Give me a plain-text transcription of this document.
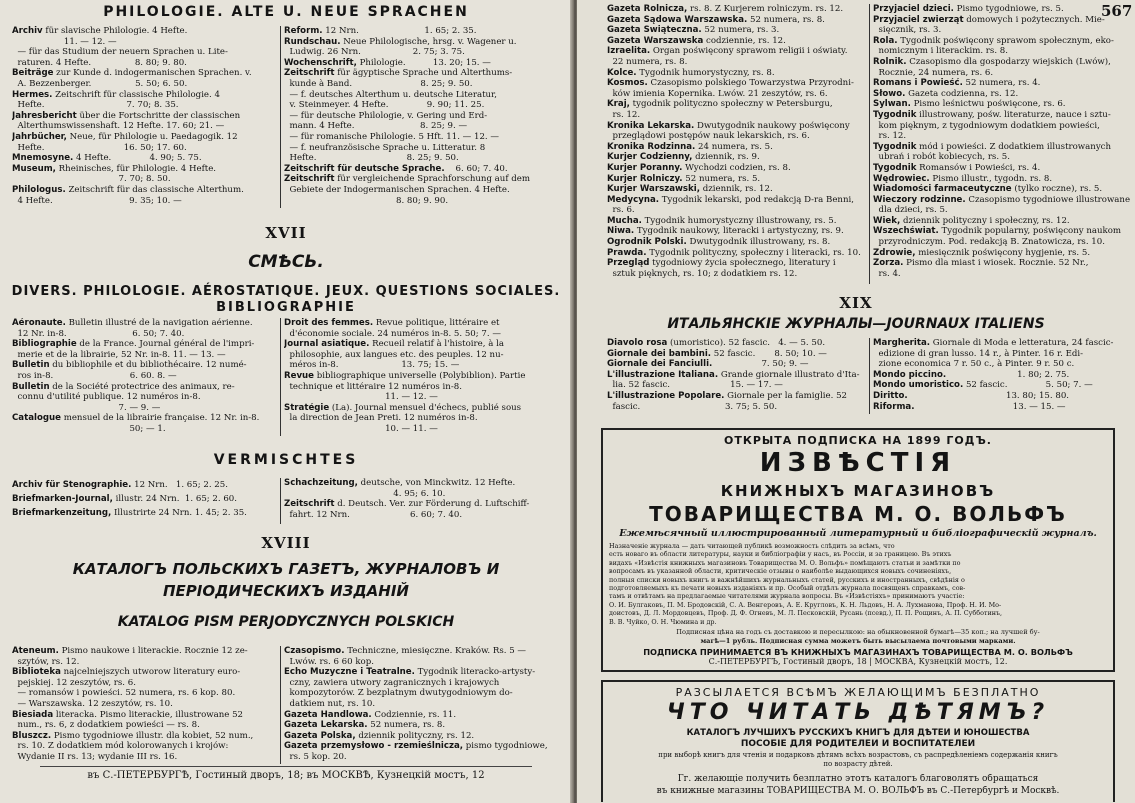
PHILOLOGIE. ALTE U. NEUE SPRACHEN
Archiv für slavische Philologie. 4 Hefte.
11. — 12. —
— für das Studium der neuern Sprachen u. Lite-
raturen. 4 Hefte.                8. 80; 9. 80.
Beiträge zur Kunde d. indogermanischen Sprachen. v.
A. Bezzenberger.                5. 50; 6. 50.
Hermes. Zeitschrift für classische Philologie. 4
Hefte.                              7. 70; 8. 35.
Jahresbericht über die Fortschritte der classischen
Alterthumswissenshaft. 12 Hefte. 17. 60; 21. —
Jahrbücher, Neue, für Philologie u. Paedagogik. 12
Hefte.                             16. 50; 17. 60.
Mnemosyne. 4 Hefte.              4. 90; 5. 75.
Museum, Rheinisches, für Philologie. 4 Hefte.
7. 70; 8. 50.
Philologus. Zeitschrift für das classische Alterthum.
4 Hefte.                            9. 35; 10. —
Reform. 12 Nrn.                        1. 65; 2. 35.
Rundschau. Neue Philologische, hrsg. v. Wagener u.
Ludwig. 26 Nrn.                   2. 75; 3. 75.
Wochenschrift, Philologie.          13. 20; 15. —
Zeitschrift für ägyptische Sprache und Alterthums-
kunde à Band.                         8. 25; 9. 50.
— f. deutsches Alterthum u. deutsche Literatur,
v. Steinmeyer. 4 Hefte.              9. 90; 11. 25.
— für deutsche Philologie, v. Gering und Erd-
mann. 4 Hefte.                        8. 25; 9. —
— für romanische Philologie. 5 Hft. 11. — 12. —
— f. neufranzösische Sprache u. Litteratur. 8
Hefte.                                 8. 25; 9. 50.
Zeitschrift für deutsche Sprache.    6. 60; 7. 40.
Zeitschrift für vergleichende Sprachforschung auf dem
Gebiete der Indogermanischen Sprachen. 4 Hefte.
8. 80; 9. 90.
XVII
СМѢСЬ.
DIVERS. PHILOLOGIE. AÉROSTATIQUE. JEUX. QUESTIONS SOCIALES.
BIBLIOGRAPHIE
Aéronaute. Bulletin illustré de la navigation aérienne.
12 Nr. in-8.                        6. 50; 7. 40.
Bibliographie de la France. Journal général de l'impri-
merie et de la librairie, 52 Nr. in-8. 11. — 13. —
Bulletin du bibliophile et du bibliothécaire. 12 numé-
ros in-8.                            6. 60. 8. —
Bulletin de la Société protectrice des animaux, re-
connu d'utilité publique. 12 numéros in-8.
7. — 9. —
Catalogue mensuel de la librairie française. 12 Nr. in-8.
50; — 1.
Droit des femmes. Revue politique, littéraire et
d'économie sociale. 24 numéros in-8. 5. 50; 7. —
Journal asiatique. Recueil relatif à l'histoire, à la
philosophie, aux langues etc. des peuples. 12 nu-
méros in-8.                       13. 75; 15. —
Revue bibliographique universelle (Polybiblion). Partie
technique et littéraire 12 numéros in-8.
11. — 12. —
Stratégie (La). Journal mensuel d'échecs, publié sous
la direction de Jean Preti. 12 numéros in-8.
10. — 11. —
VERMISCHTES
Archiv für Stenographie. 12 Nrn.   1. 65; 2. 25.
Briefmarken-Journal, illustr. 24 Nrn.  1. 65; 2. 60.
Briefmarkenzeitung, Illustrirte 24 Nrn. 1. 45; 2. 35.
Schachzeitung, deutsche, von Minckwitz. 12 Hefte.
4. 95; 6. 10.
Zeitschrift d. Deutsch. Ver. zur Förderung d. Luftschiff-
fahrt. 12 Nrn.                      6. 60; 7. 40.
XVIII
КАТАЛОГЪ ПОЛЬСКИХЪ ГАЗЕТЪ, ЖУРНАЛОВЪ И
ПЕРІОДИЧЕСКИХЪ ИЗДАНІЙ
KATALOG PISM PERJODYCZNYCH POLSKICH
Ateneum. Pismo naukowe i literackie. Rocznie 12 ze-
szytów, rs. 12.
Biblioteka najcelniejszych utworow literatury euro-
pejskiej. 12 zeszytów, rs. 6.
— romansów i powieści. 52 numera, rs. 6 kop. 80.
— Warszawska. 12 zeszytów, rs. 10.
Biesiada literacka. Pismo literackie, illustrowane 52
num., rs. 6, z dodatkiem powieści — rs. 8.
Bluszcz. Pismo tygodniowe illustr. dla kobiet, 52 num.,
rs. 10. Z dodatkiem mód kolorowanych i krojów:
Wydanie II rs. 13; wydanie III rs. 16.
Czasopismo. Techniczne, miesięczne. Kraków. Rs. 5 —
Lwów. rs. 6 60 kop.
Echo Muzyczne i Teatralne. Tygodnik literacko-artysty-
czny, zawiera utwory zagranicznych i krajowych
kompozytorów. Z bezplatnym dwutygodniowym do-
datkiem nut, rs. 10.
Gazeta Handlowa. Codziennie, rs. 11.
Gazeta Lekarska. 52 numera, rs. 8.
Gazeta Polska, dziennik polityczny, rs. 12.
Gazeta przemysłowo - rzemieślnicza, pismo tygodniowe,
rs. 5 kop. 20.
въ С.-ПЕТЕРБУРГѢ, Гостиный дворъ, 18; въ МОСКВѢ, Кузнецкій мостъ, 12
567
Gazeta Rolnicza, rs. 8. Z Kurjerem rolniczym. rs. 12.
Gazeta Sądowa Warszawska. 52 numera, rs. 8.
Gazeta Świąteczna. 52 numera, rs. 3.
Gazeta Warszawska codziennie, rs. 12.
Izraelita. Organ poświęcony sprawom religii i oświaty.
22 numera, rs. 8.
Kolce. Tygodnik humorystyczny, rs. 8.
Kosmos. Czasopismo polskiego Towarzystwa Przyrodni-
ków imienia Kopernika. Lwów. 21 zeszytów, rs. 6.
Kraj, tygodnik polityczno społeczny w Petersburgu,
rs. 12.
Kronika Lekarska. Dwutygodnik naukowy poświęcony
przeglądowi postępów nauk lekarskich, rs. 6.
Kronika Rodzinna. 24 numera, rs. 5.
Kurjer Codzienny, dziennik, rs. 9.
Kurjer Poranny. Wychodzi codzien, rs. 8.
Kurjer Rolniczy. 52 numera, rs. 5.
Kurjer Warszawski, dziennik, rs. 12.
Medycyna. Tygodnik lekarski, pod redakcją D-ra Benni,
rs. 6.
Mucha. Tygodnik humorystyczny illustrowany, rs. 5.
Niwa. Tygodnik naukowy, literacki i artystyczny, rs. 9.
Ogrodnik Polski. Dwutygodnik illustrowany, rs. 8.
Prawda. Tygodnik polityczny, społeczny i literacki, rs. 10.
Przegląd tygodniowy życia społecznego, literatury i
sztuk pięknych, rs. 10; z dodatkiem rs. 12.
Przyjaciel dzieci. Pismo tygodniowe, rs. 5.
Przyjaciel zwierząt domowych i pożytecznych. Mie-
sięcznik, rs. 3.
Rola. Tygodnik poświęcony sprawom społecznym, eko-
nomicznym i literackim. rs. 8.
Rolnik. Czasopismo dla gospodarzy wiejskich (Lwów),
Rocznie, 24 numera, rs. 6.
Romans i Powieść. 52 numera, rs. 4.
Słowo. Gazeta codzienna, rs. 12.
Sylwan. Pismo leśnictwu poświęcone, rs. 6.
Tygodnik illustrowany, pośw. literaturze, nauce i sztu-
kom pięknym, z tygodniowym dodatkiem powieści,
rs. 12.
Tygodnik mód i powieści. Z dodatkiem illustrowanych
ubrań i robót kobiecych, rs. 5.
Tygodnik Romansów i Powieści, rs. 4.
Wędrowiec. Pismo illustr., tygodn. rs. 8.
Wiadomości farmaceutyczne (tylko roczne), rs. 5.
Wieczory rodzinne. Czasopismo tygodniowe illustrowane
dla dzieci, rs. 5.
Wiek, dziennik polityczny i społeczny, rs. 12.
Wszechświat. Tygodnik popularny, poświęcony naukom
przyrodniczym. Pod. redakcją B. Znatowicza, rs. 10.
Zdrowie, miesięcznik poświęcony hygjenie, rs. 5.
Zorza. Pismo dla miast i wiosek. Rocznie. 52 Nr.,
rs. 4.
XIX
ИТАЛЬЯНСКІЕ ЖУРНАЛЫ—JOURNAUX ITALIENS
Diavolo rosa (umoristico). 52 fascic.   4. — 5. 50.
Giornale dei bambini. 52 fascic.       8. 50; 10. —
Giornale dei Fanciulli.                  7. 50; 9. —
L'illustrazione Italiana. Grande giornale illustrato d'Ita-
lia. 52 fascic.                      15. — 17. —
L'illustrazione Popolare. Giornale per la famiglie. 52
fascic.                               3. 75; 5. 50.
Margherita. Giornale di Moda e letteratura, 24 fascic-
edizione di gran lusso. 14 r., à Pinter. 16 r. Edi-
zione economica 7 r. 50 c., à Pinter. 9 r. 50 c.
Mondo piccino.                          1. 80; 2. 75.
Mondo umoristico. 52 fascic.              5. 50; 7. —
Diritto.                                    13. 80; 15. 80.
Riforma.                                    13. — 15. —
ОТКРЫТА ПОДПИСКА НА 1899 ГОДЪ.
ИЗВѢСТІЯ
КНИЖНЫХЪ МАГАЗИНОВЪ
ТОВАРИЩЕСТВА М. О. ВОЛЬФЪ
Ежемѣсячный иллюстрированный литературный и библіографическій журналъ.
Назначеніе журнала — дать читающей публикѣ возможность слѣдить за всѣмъ, что
есть новаго въ области литературы, науки и библіографіи у насъ, въ Россіи, и за границею. Въ этихъ
видахъ «Извѣстія книжныхъ магазиновъ Товарищества М. О. Вольфъ» помѣщаютъ статьи и замѣтки по
вопросамъ въ указанной области, критическіе отзывы о наиболѣе выдающихся новыхъ сочиненіяхъ,
полныя списки новыхъ книгъ и важнѣйшихъ журнальныхъ статей, русскихъ и иностранныхъ, свѣдѣнія о
подготовляемыхъ къ печати новыхъ изданіяхъ и пр. Особый отдѣлъ журнала посвященъ справкамъ, сов-
тамъ и отвѣтамъ на предлагаемые читателями журнала вопросы. Въ «Извѣстіяхъ» принимаютъ участіе:
О. И. Булгаковъ, П. М. Бродовскій, С. А. Венгеровъ, А. Е. Кругловъ, К. Н. Льдовъ, Н. А. Лухманова, Проф. Н. И. Мо-
доистовъ, Д. Л. Мордовцевъ, Проф. Д. Ф. Огневъ, М. Л. Песковскій, Русань (псевд.), П. П. Рощинъ, А. П. Субботинъ,
В. В. Чуйко, О. Н. Чюмина и др.
Подписная цѣна на годъ съ доставкою и пересылкою: на обыкновенной бумагѣ—35 коп.; на лучшей бу-
магѣ—1 рубль. Подписная сумма можетъ быть высылаема почтовыми марками.
ПОДПИСКА ПРИНИМАЕТСЯ ВЪ КНИЖНЫХЪ МАГАЗИНАХЪ ТОВАРИЩЕСТВА М. О. ВОЛЬФЪ
С.-ПЕТЕРБУРГЪ, Гостиный дворъ, 18 | МОСКВА, Кузнецкій мостъ, 12.
РАЗСЫЛАЕТСЯ ВСѢМЪ ЖЕЛАЮЩИМЪ БЕЗПЛАТНО
ЧТО ЧИТАТЬ ДѢТЯМЪ?
КАТАЛОГЪ ЛУЧШИХЪ РУССКИХЪ КНИГЪ ДЛЯ ДѢТЕЙ И ЮНОШЕСТВА
ПОСОБІЕ ДЛЯ РОДИТЕЛЕЙ И ВОСПИТАТЕЛЕЙ
при выборѣ книгъ для чтенія и подарковъ дѣтямъ всѣхъ возрастовъ, съ распредѣленіемъ содержанія книгъ
по возрасту дѣтей.
Гг. желающіе получить безплатно этотъ каталогъ благоволятъ обращаться
въ книжные магазины ТОВАРИЩЕСТВА М. О. ВОЛЬФЪ въ С.-Петербургѣ и Москвѣ.
